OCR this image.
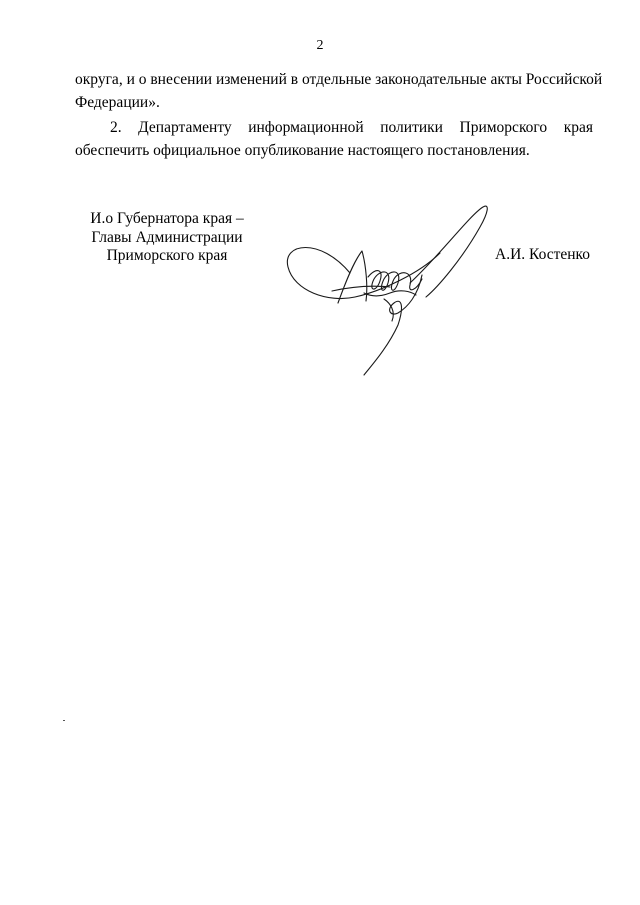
2
округа, и о внесении изменений в отдельные законодательные акты Российской
Федерации».
2. Департаменту информационной политики Приморского края
обеспечить официальное опубликование настоящего постановления.
И.о Губернатора края –
Главы Администрации
Приморского края	А.И. Костенко
